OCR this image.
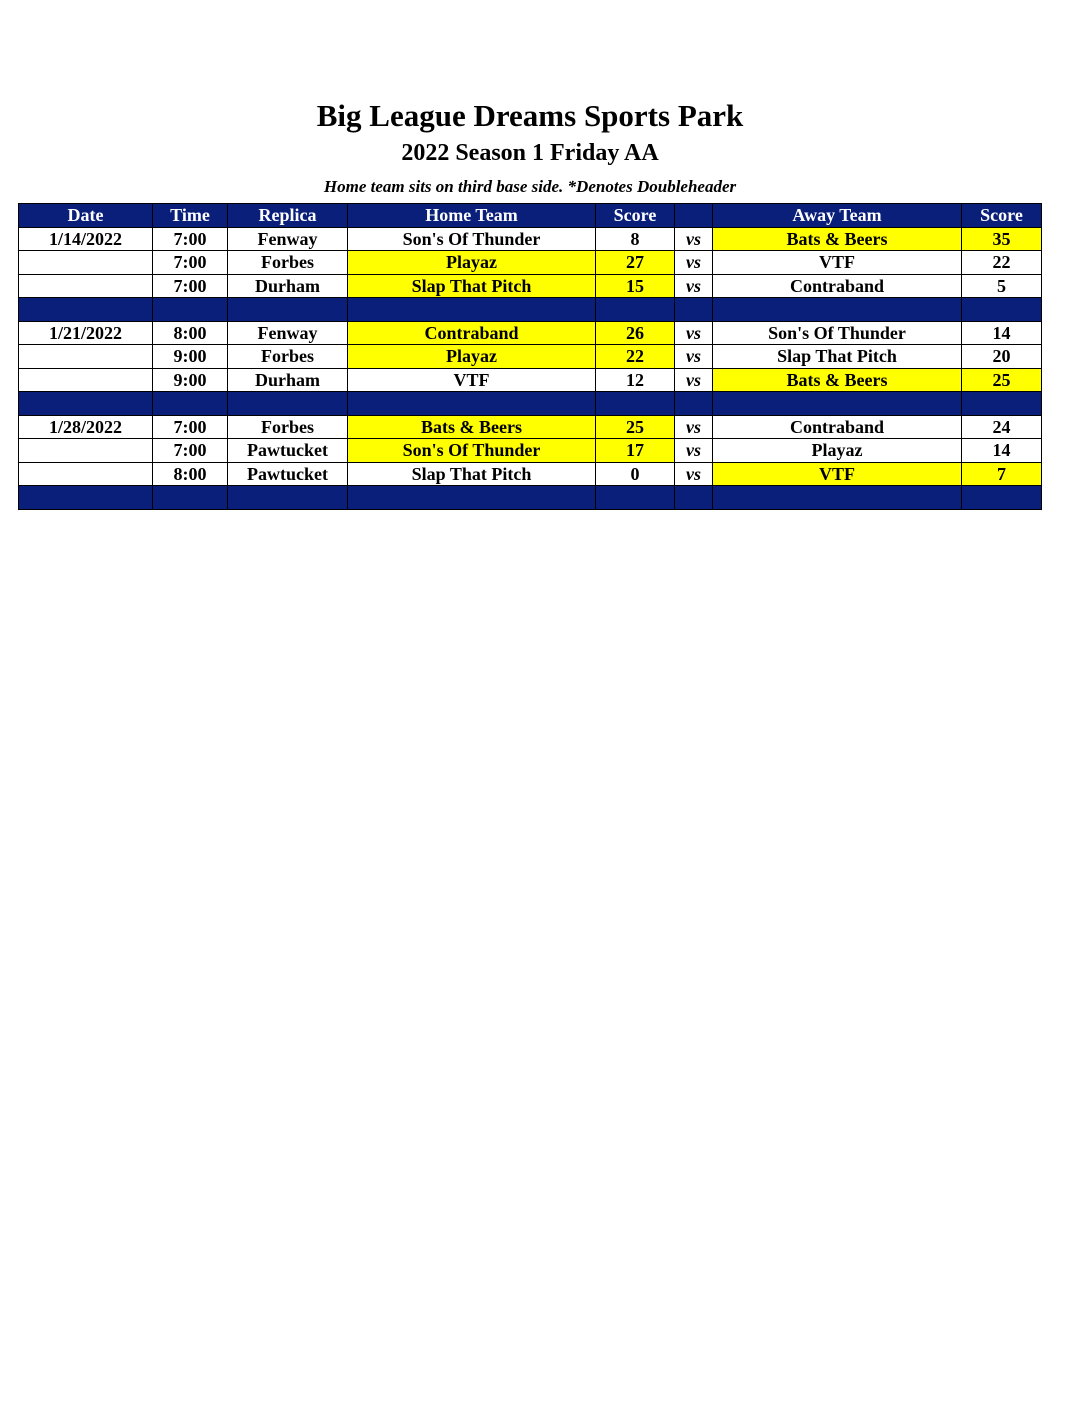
Big League Dreams Sports Park
2022 Season 1 Friday AA
Home team sits on third base side. *Denotes Doubleheader
Date	Time	Replica	Home Team	Score		Away Team	Score
1/14/2022	7:00	Fenway	Son's Of Thunder	8	vs	Bats & Beers	35
	7:00	Forbes	Playaz	27	vs	VTF	22
	7:00	Durham	Slap That Pitch	15	vs	Contraband	5

1/21/2022	8:00	Fenway	Contraband	26	vs	Son's Of Thunder	14
	9:00	Forbes	Playaz	22	vs	Slap That Pitch	20
	9:00	Durham	VTF	12	vs	Bats & Beers	25

1/28/2022	7:00	Forbes	Bats & Beers	25	vs	Contraband	24
	7:00	Pawtucket	Son's Of Thunder	17	vs	Playaz	14
	8:00	Pawtucket	Slap That Pitch	0	vs	VTF	7
